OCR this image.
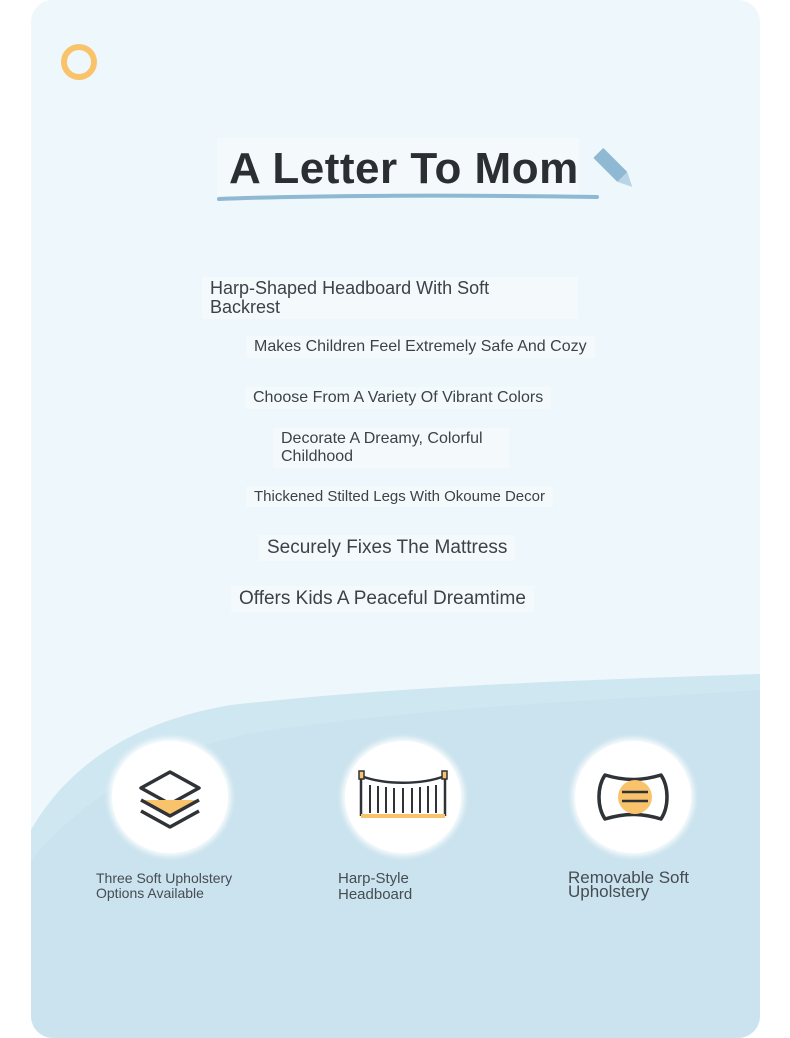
A Letter To Mom
Harp-Shaped Headboard With Soft
Backrest
Makes Children Feel Extremely Safe And Cozy
Choose From A Variety Of Vibrant Colors
Decorate A Dreamy, Colorful
Childhood
Thickened Stilted Legs With Okoume Decor
Securely Fixes The Mattress
Offers Kids A Peaceful Dreamtime
Three Soft Upholstery
Options Available
Harp-Style
Headboard
Removable Soft
Upholstery
